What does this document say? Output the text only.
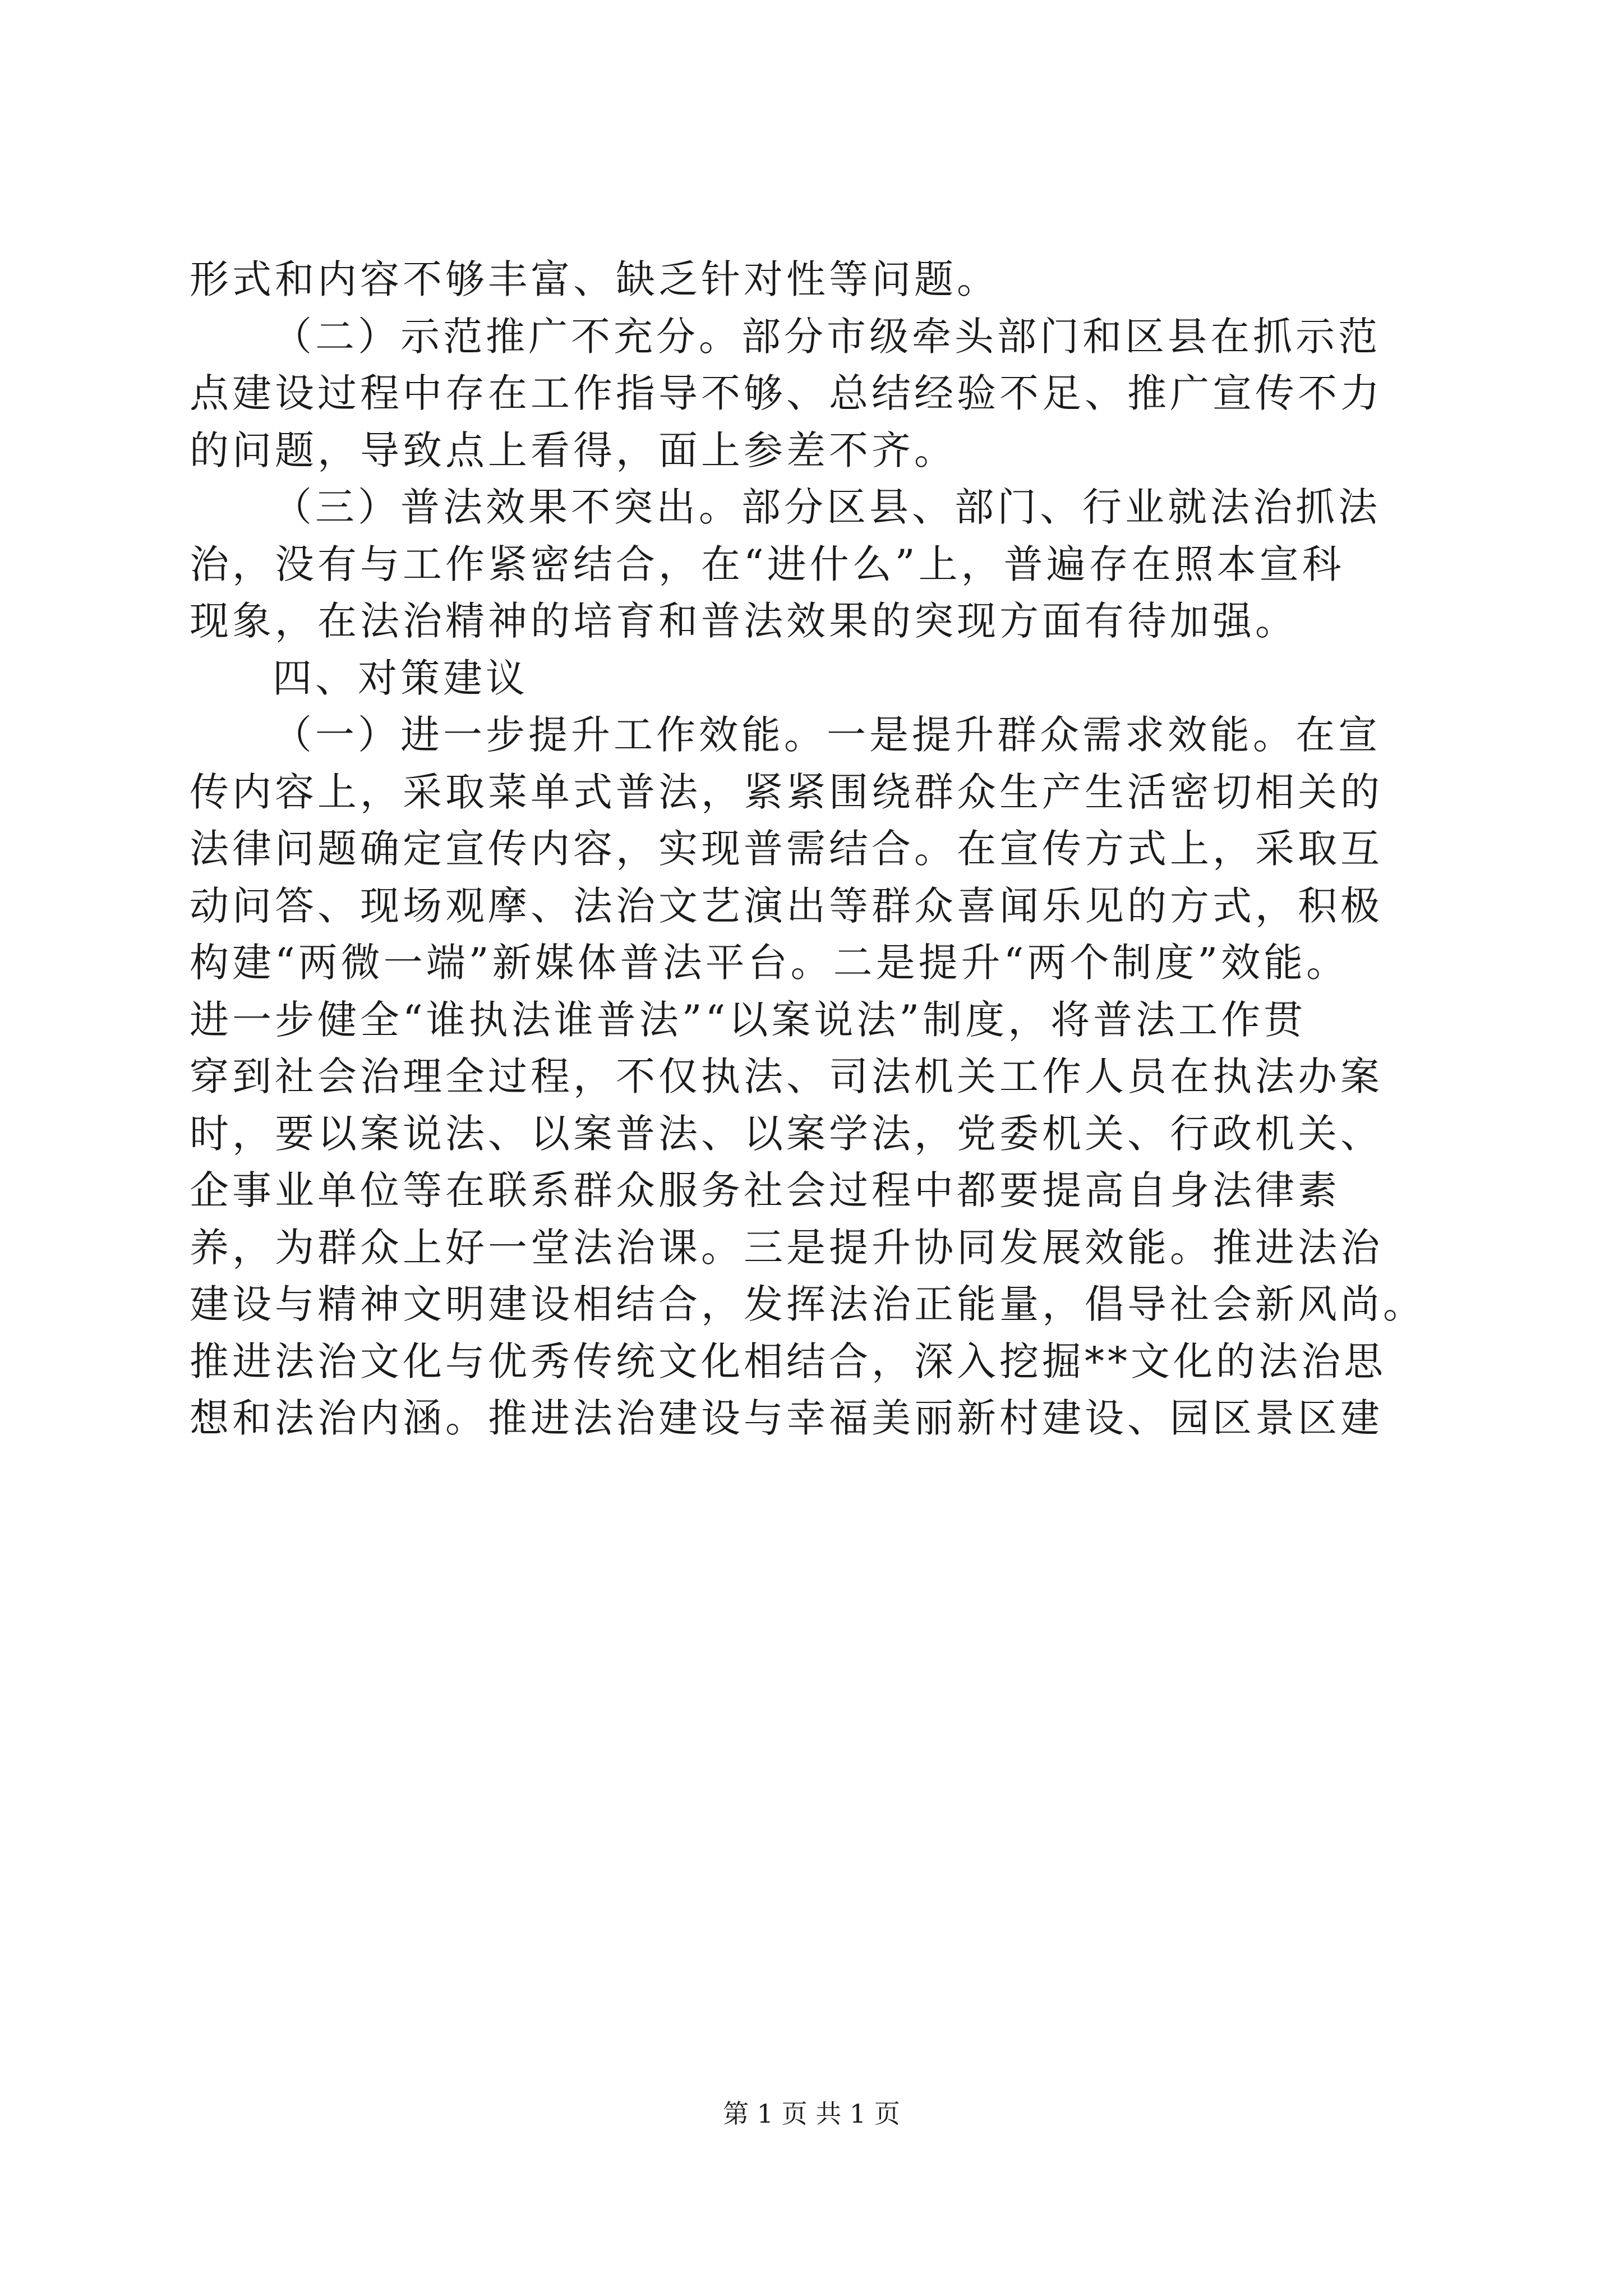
形式和内容不够丰富、缺乏针对性等问题。
（二）示范推广不充分。部分市级牵头部门和区县在抓示范
点建设过程中存在工作指导不够、总结经验不足、推广宣传不力
的问题，导致点上看得，面上参差不齐。
（三）普法效果不突出。部分区县、部门、行业就法治抓法
治，没有与工作紧密结合，在“进什么”上，普遍存在照本宣科
现象，在法治精神的培育和普法效果的突现方面有待加强。
四、对策建议
（一）进一步提升工作效能。一是提升群众需求效能。在宣
传内容上，采取菜单式普法，紧紧围绕群众生产生活密切相关的
法律问题确定宣传内容，实现普需结合。在宣传方式上，采取互
动问答、现场观摩、法治文艺演出等群众喜闻乐见的方式，积极
构建“两微一端”新媒体普法平台。二是提升“两个制度”效能。
进一步健全“谁执法谁普法”“以案说法”制度，将普法工作贯
穿到社会治理全过程，不仅执法、司法机关工作人员在执法办案
时，要以案说法、以案普法、以案学法，党委机关、行政机关、
企事业单位等在联系群众服务社会过程中都要提高自身法律素
养，为群众上好一堂法治课。三是提升协同发展效能。推进法治
建设与精神文明建设相结合，发挥法治正能量，倡导社会新风尚。
推进法治文化与优秀传统文化相结合，深入挖掘**文化的法治思
想和法治内涵。推进法治建设与幸福美丽新村建设、园区景区建
第 1 页 共 1 页
